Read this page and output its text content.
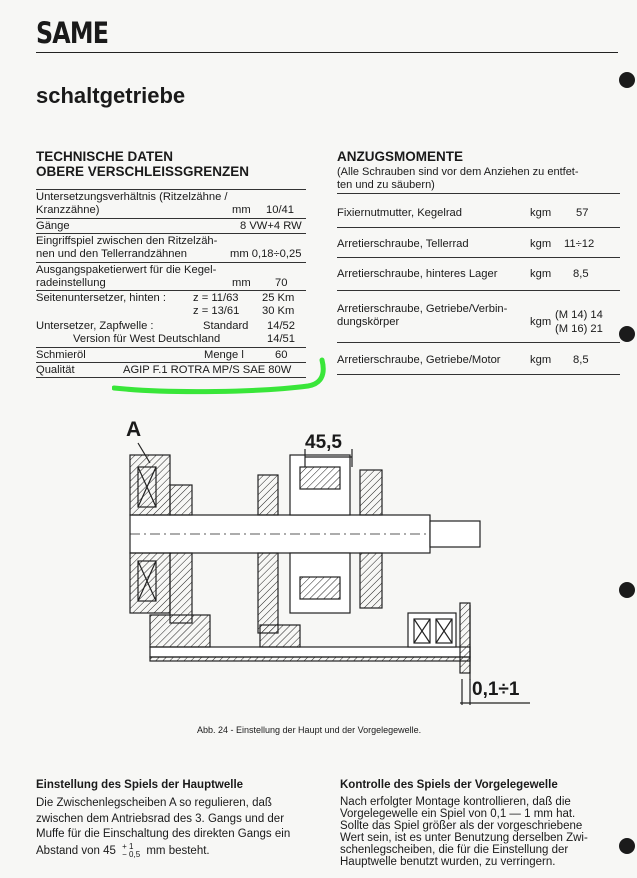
SAME
schaltgetriebe
TECHNISCHE DATEN
OBERE VERSCHLEISSGRENZEN
Untersetzungsverhältnis (Ritzelzähne /
Kranzzähne)	mm 10/41
Gänge	8 VW+4 RW
Eingriffspiel zwischen den Ritzelzäh-
nen und den Tellerrandzähnen	mm 0,18÷0,25
Ausgangspaketierwert für die Kegel-
radeinstellung	mm 70
Seitenuntersetzer, hinten : z = 11/63 25 Km
z = 13/61 30 Km
Untersetzer, Zapfwelle :	Standard 14/52
Version für West Deutschland	14/51
Schmieröl	Menge l	60
Qualität	AGIP F.1 ROTRA MP/S SAE 80W
ANZUGSMOMENTE
(Alle Schrauben sind vor dem Anziehen zu entfet-
ten und zu säubern)
Fixiernutmutter, Kegelrad	kgm 57
Arretierschraube, Tellerrad	kgm 11÷12
Arretierschraube, hinteres Lager	kgm 8,5
Arretierschraube, Getriebe/Verbin-
dungskörper	kgm
(M 14) 14
(M 16) 21
Arretierschraube, Getriebe/Motor	kgm 8,5
A
45,5
0,1÷1
Abb. 24 - Einstellung der Haupt und der Vorgelegewelle.
Einstellung des Spiels der Hauptwelle
Die Zwischenlegscheiben A so regulieren, daß
zwischen dem Antriebsrad des 3. Gangs und der
Muffe für die Einschaltung des direkten Gangs ein
Abstand von 45 + 1
− 0,5 mm besteht.
Kontrolle des Spiels der Vorgelegewelle
Nach erfolgter Montage kontrollieren, daß die
Vorgelegewelle ein Spiel von 0,1 — 1 mm hat.
Sollte das Spiel größer als der vorgeschriebene
Wert sein, ist es unter Benutzung derselben Zwi-
schenlegscheiben, die für die Einstellung der
Hauptwelle benutzt wurden, zu verringern.
